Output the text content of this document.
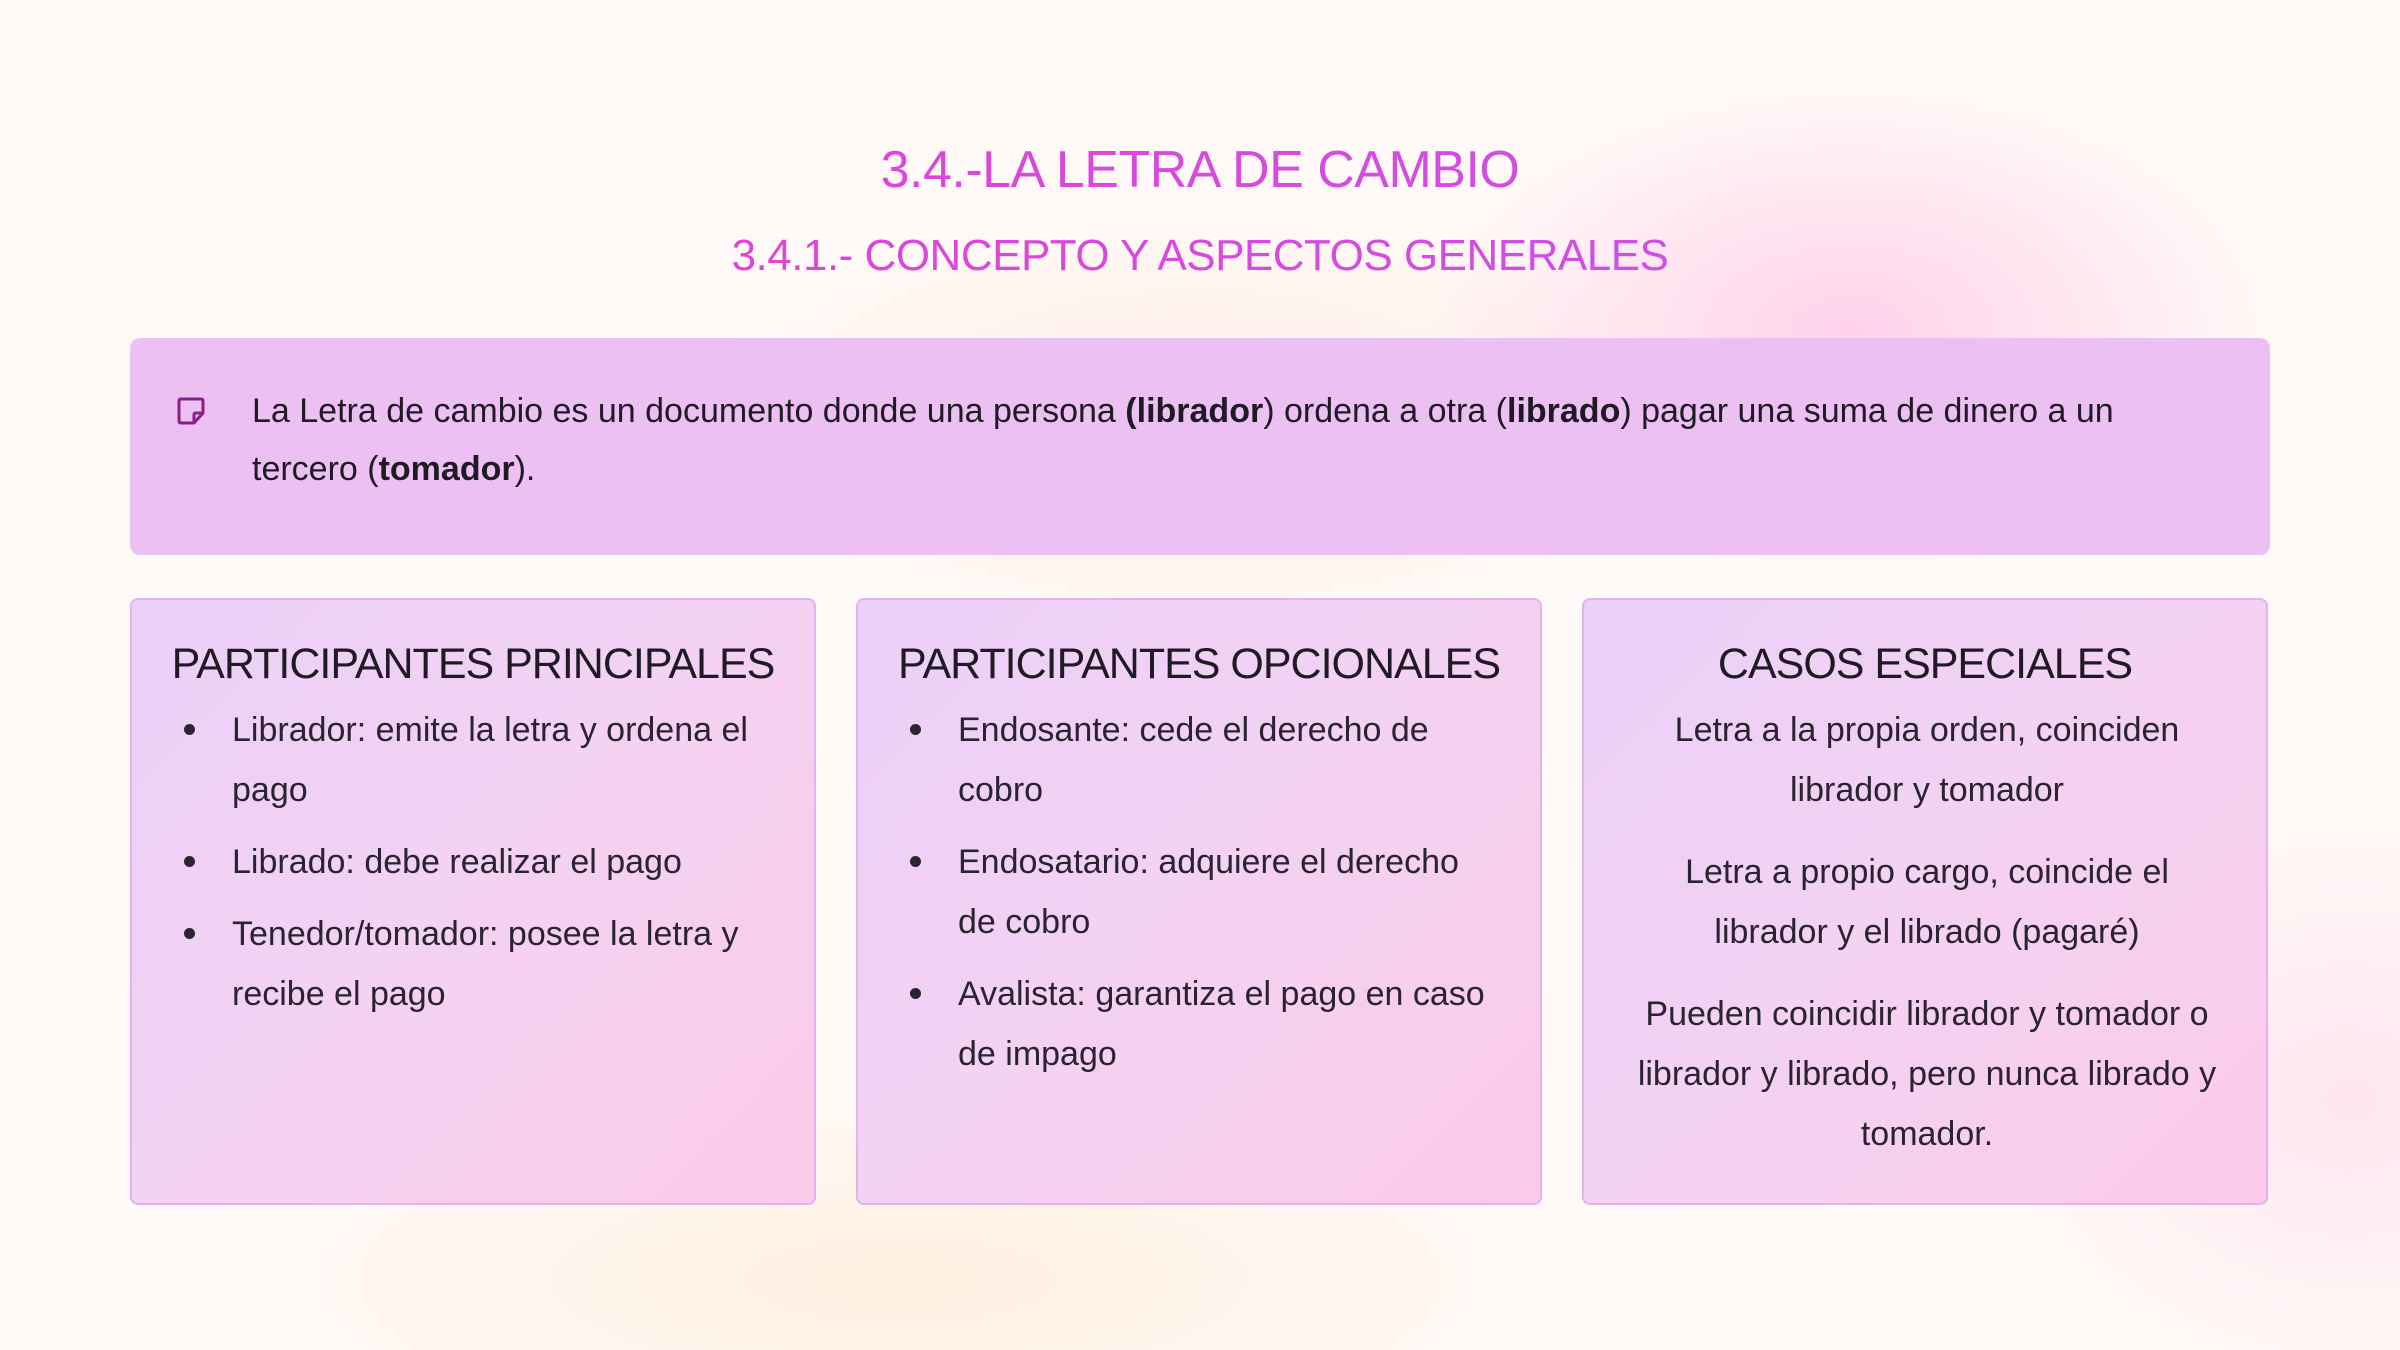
3.4.-LA LETRA DE CAMBIO
3.4.1.- CONCEPTO Y ASPECTOS GENERALES
La Letra de cambio es un documento donde una persona (librador) ordena a otra (librado) pagar una suma de dinero a un tercero (tomador).
PARTICIPANTES PRINCIPALES
Librador: emite la letra y ordena el pago
Librado: debe realizar el pago
Tenedor/tomador: posee la letra y recibe el pago
PARTICIPANTES OPCIONALES
Endosante: cede el derecho de cobro
Endosatario: adquiere el derecho de cobro
Avalista: garantiza el pago en caso de impago
CASOS ESPECIALES
Letra a la propia orden, coinciden librador y tomador
Letra a propio cargo, coincide el librador y el librado (pagaré)
Pueden coincidir librador y tomador o librador y librado, pero nunca librado y tomador.
